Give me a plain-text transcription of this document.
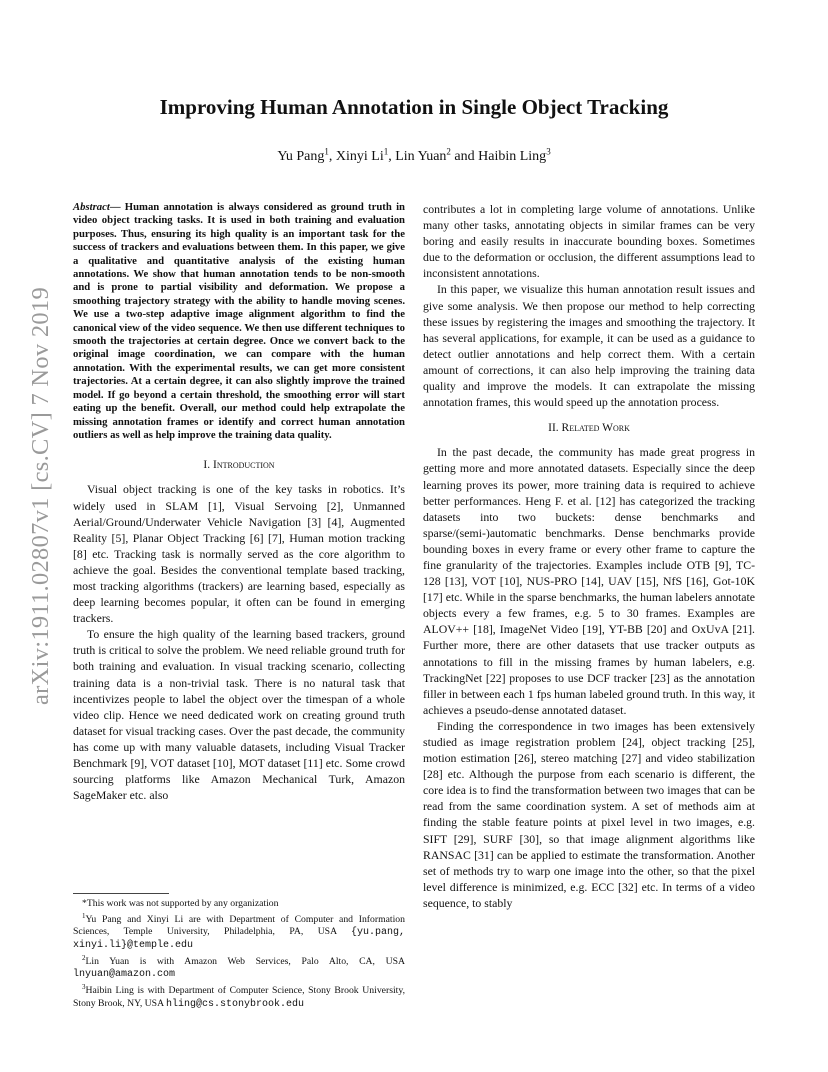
Improving Human Annotation in Single Object Tracking
Yu Pang$^1$, Xinyi Li$^1$, Lin Yuan$^2$ and Haibin Ling$^3$
arXiv:1911.02807v1 [cs.CV] 7 Nov 2019

Abstract— Human annotation is always considered as ground truth in video object tracking tasks. It is used in both training and evaluation purposes. Thus, ensuring its high quality is an important task for the success of trackers and evaluations between them. In this paper, we give a qualitative and quantitative analysis of the existing human annotations. We show that human annotation tends to be non-smooth and is prone to partial visibility and deformation. We propose a smoothing trajectory strategy with the ability to handle moving scenes. We use a two-step adaptive image alignment algorithm to find the canonical view of the video sequence. We then use different techniques to smooth the trajectories at certain degree. Once we convert back to the original image coordination, we can compare with the human annotation. With the experimental results, we can get more consistent trajectories. At a certain degree, it can also slightly improve the trained model. If go beyond a certain threshold, the smoothing error will start eating up the benefit. Overall, our method could help extrapolate the missing annotation frames or identify and correct human annotation outliers as well as help improve the training data quality.

I. Introduction

Visual object tracking is one of the key tasks in robotics. It’s widely used in SLAM [1], Visual Servoing [2], Unmanned Aerial/Ground/Underwater Vehicle Navigation [3] [4], Augmented Reality [5], Planar Object Tracking [6] [7], Human motion tracking [8] etc. Tracking task is normally served as the core algorithm to achieve the goal. Besides the conventional template based tracking, most tracking algorithms (trackers) are learning based, especially as deep learning becomes popular, it often can be found in emerging trackers.

To ensure the high quality of the learning based trackers, ground truth is critical to solve the problem. We need reliable ground truth for both training and evaluation. In visual tracking scenario, collecting training data is a non-trivial task. There is no natural task that incentivizes people to label the object over the timespan of a whole video clip. Hence we need dedicated work on creating ground truth dataset for visual tracking cases. Over the past decade, the community has come up with many valuable datasets, including Visual Tracker Benchmark [9], VOT dataset [10], MOT dataset [11] etc. Some crowd sourcing platforms like Amazon Mechanical Turk, Amazon SageMaker etc. also

*This work was not supported by any organization

$^1$Yu Pang and Xinyi Li are with Department of Computer and Information Sciences, Temple University, Philadelphia, PA, USA {yu.pang, xinyi.li}@temple.edu

$^2$Lin Yuan is with Amazon Web Services, Palo Alto, CA, USA lnyuan@amazon.com

$^3$Haibin Ling is with Department of Computer Science, Stony Brook University, Stony Brook, NY, USA hling@cs.stonybrook.edu

contributes a lot in completing large volume of annotations. Unlike many other tasks, annotating objects in similar frames can be very boring and easily results in inaccurate bounding boxes. Sometimes due to the deformation or occlusion, the different assumptions lead to inconsistent annotations.

In this paper, we visualize this human annotation result issues and give some analysis. We then propose our method to help correcting these issues by registering the images and smoothing the trajectory. It has several applications, for example, it can be used as a guidance to detect outlier annotations and help correct them. With a certain amount of corrections, it can also help improving the training data quality and improve the models. It can extrapolate the missing annotation frames, this would speed up the annotation process.

II. Related Work

In the past decade, the community has made great progress in getting more and more annotated datasets. Especially since the deep learning proves its power, more training data is required to achieve better performances. Heng F. et al. [12] has categorized the tracking datasets into two buckets: dense benchmarks and sparse/(semi-)automatic benchmarks. Dense benchmarks provide bounding boxes in every frame or every other frame to capture the fine granularity of the trajectories. Examples include OTB [9], TC-128 [13], VOT [10], NUS-PRO [14], UAV [15], NfS [16], Got-10K [17] etc. While in the sparse benchmarks, the human labelers annotate objects every a few frames, e.g. 5 to 30 frames. Examples are ALOV++ [18], ImageNet Video [19], YT-BB [20] and OxUvA [21]. Further more, there are other datasets that use tracker outputs as annotations to fill in the missing frames by human labelers, e.g. TrackingNet [22] proposes to use DCF tracker [23] as the annotation filler in between each 1 fps human labeled ground truth. In this way, it achieves a pseudo-dense annotated dataset.

Finding the correspondence in two images has been extensively studied as image registration problem [24], object tracking [25], motion estimation [26], stereo matching [27] and video stabilization [28] etc. Although the purpose from each scenario is different, the core idea is to find the transformation between two images that can be read from the same coordination system. A set of methods aim at finding the stable feature points at pixel level in two images, e.g. SIFT [29], SURF [30], so that image alignment algorithms like RANSAC [31] can be applied to estimate the transformation. Another set of methods try to warp one image into the other, so that the pixel level difference is minimized, e.g. ECC [32] etc. In terms of a video sequence, to stably
